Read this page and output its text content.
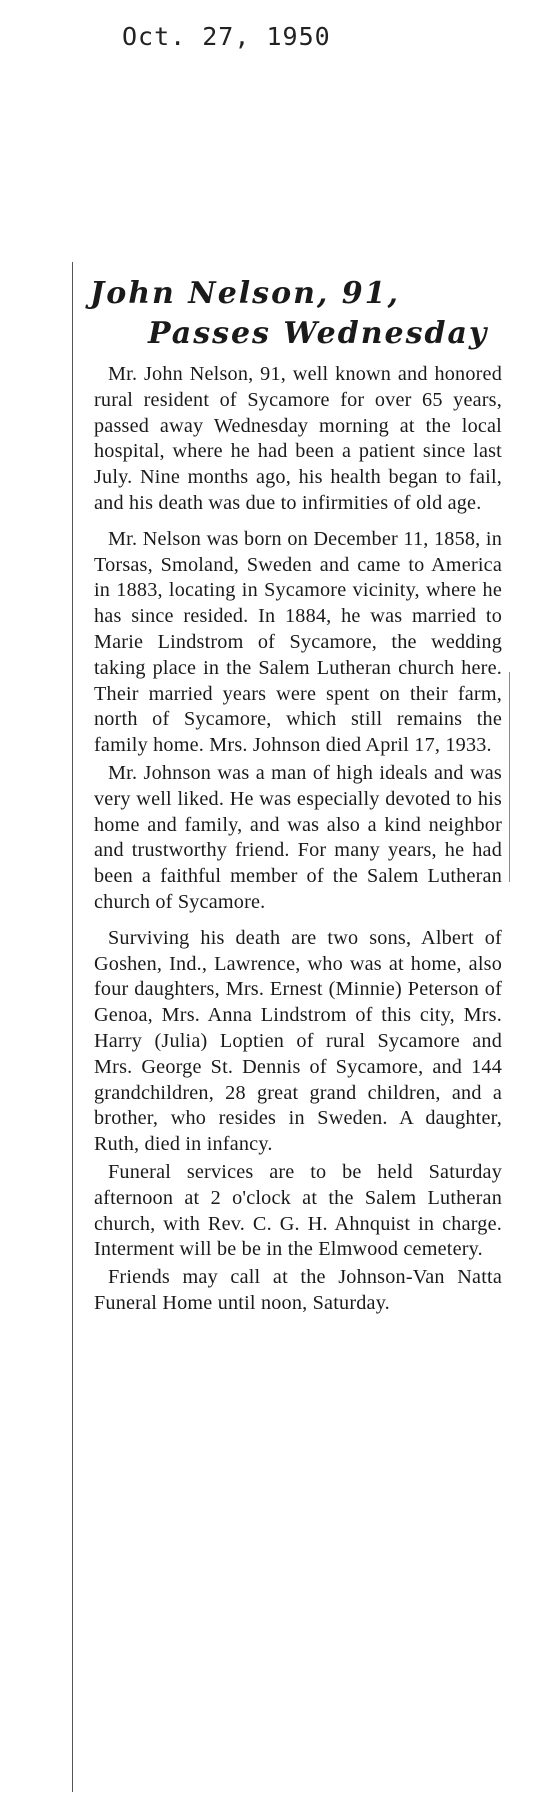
Oct. 27, 1950

John Nelson, 91,
Passes Wednesday

Mr. John Nelson, 91, well known and honored rural resident of Sycamore for over 65 years, passed away Wednesday morning at the local hospital, where he had been a patient since last July. Nine months ago, his health began to fail, and his death was due to infirmities of old age.

Mr. Nelson was born on December 11, 1858, in Torsas, Smoland, Sweden and came to America in 1883, locating in Sycamore vicinity, where he has since resided. In 1884, he was married to Marie Lindstrom of Sycamore, the wedding taking place in the Salem Lutheran church here. Their married years were spent on their farm, north of Sycamore, which still remains the family home. Mrs. Johnson died April 17, 1933.

Mr. Johnson was a man of high ideals and was very well liked. He was especially devoted to his home and family, and was also a kind neighbor and trustworthy friend. For many years, he had been a faithful member of the Salem Lutheran church of Sycamore.

Surviving his death are two sons, Albert of Goshen, Ind., Lawrence, who was at home, also four daughters, Mrs. Ernest (Minnie) Peterson of Genoa, Mrs. Anna Lindstrom of this city, Mrs. Harry (Julia) Loptien of rural Sycamore and Mrs. George St. Dennis of Sycamore, and 144 grandchildren, 28 great grand children, and a brother, who resides in Sweden. A daughter, Ruth, died in infancy.

Funeral services are to be held Saturday afternoon at 2 o'clock at the Salem Lutheran church, with Rev. C. G. H. Ahnquist in charge. Interment will be be in the Elmwood cemetery.

Friends may call at the Johnson-Van Natta Funeral Home until noon, Saturday.
